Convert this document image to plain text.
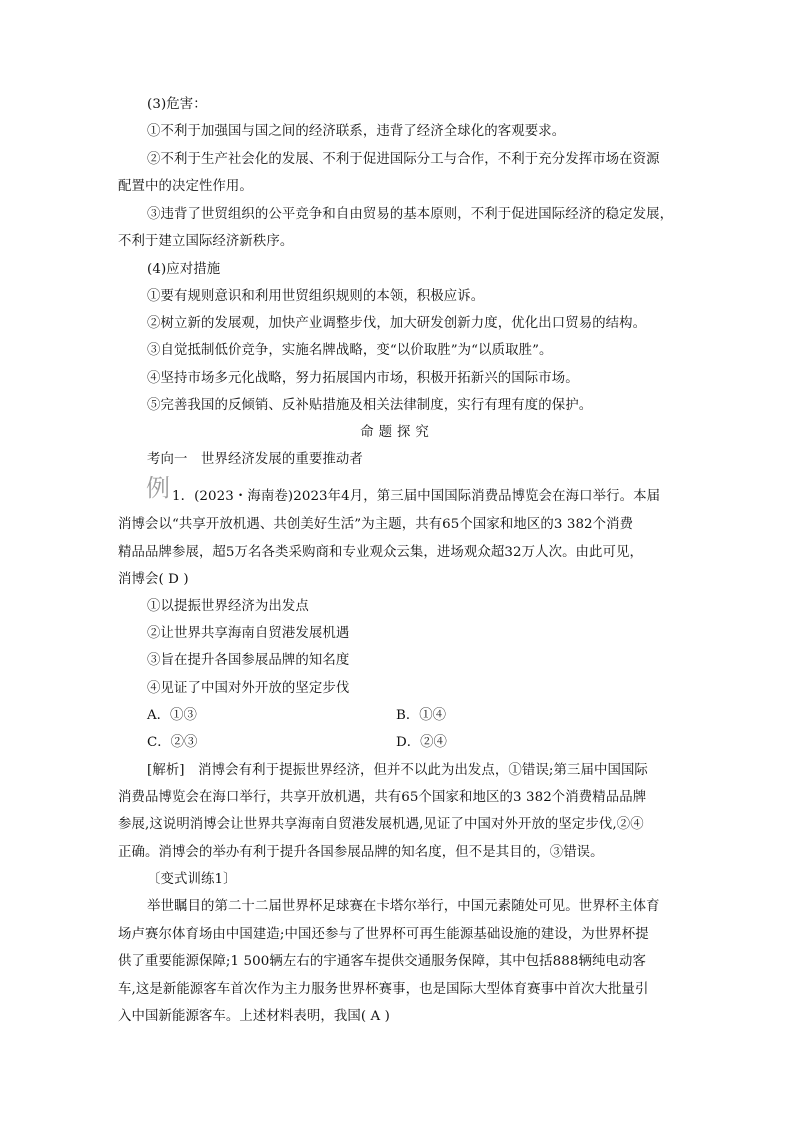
(3)危害：
①不利于加强国与国之间的经济联系，违背了经济全球化的客观要求。
②不利于生产社会化的发展、不利于促进国际分工与合作，不利于充分发挥市场在资源
配置中的决定性作用。
③违背了世贸组织的公平竞争和自由贸易的基本原则，不利于促进国际经济的稳定发展，
不利于建立国际经济新秩序。
(4)应对措施
①要有规则意识和利用世贸组织规则的本领，积极应诉。
②树立新的发展观，加快产业调整步伐，加大研发创新力度，优化出口贸易的结构。
③自觉抵制低价竞争，实施名牌战略，变“以价取胜”为“以质取胜”。
④坚持市场多元化战略，努力拓展国内市场，积极开拓新兴的国际市场。
⑤完善我国的反倾销、反补贴措施及相关法律制度，实行有理有度的保护。
命题探究
考向一　世界经济发展的重要推动者
例 1．(2023・海南卷)2023年4月，第三届中国国际消费品博览会在海口举行。本届
消博会以“共享开放机遇、共创美好生活”为主题，共有65个国家和地区的3 382个消费
精品品牌参展，超5万名各类采购商和专业观众云集，进场观众超32万人次。由此可见，
消博会( D )
①以提振世界经济为出发点
②让世界共享海南自贸港发展机遇
③旨在提升各国参展品牌的知名度
④见证了中国对外开放的坚定步伐
A．①③	B．①④
C．②③	D．②④
[解析]　消博会有利于提振世界经济，但并不以此为出发点，①错误;第三届中国国际
消费品博览会在海口举行，共享开放机遇，共有65个国家和地区的3 382个消费精品品牌
参展,这说明消博会让世界共享海南自贸港发展机遇,见证了中国对外开放的坚定步伐,②④
正确。消博会的举办有利于提升各国参展品牌的知名度，但不是其目的，③错误。
〔变式训练1〕
举世瞩目的第二十二届世界杯足球赛在卡塔尔举行，中国元素随处可见。世界杯主体育
场卢赛尔体育场由中国建造;中国还参与了世界杯可再生能源基础设施的建设，为世界杯提
供了重要能源保障;1 500辆左右的宇通客车提供交通服务保障，其中包括888辆纯电动客
车,这是新能源客车首次作为主力服务世界杯赛事，也是国际大型体育赛事中首次大批量引
入中国新能源客车。上述材料表明，我国( A )
